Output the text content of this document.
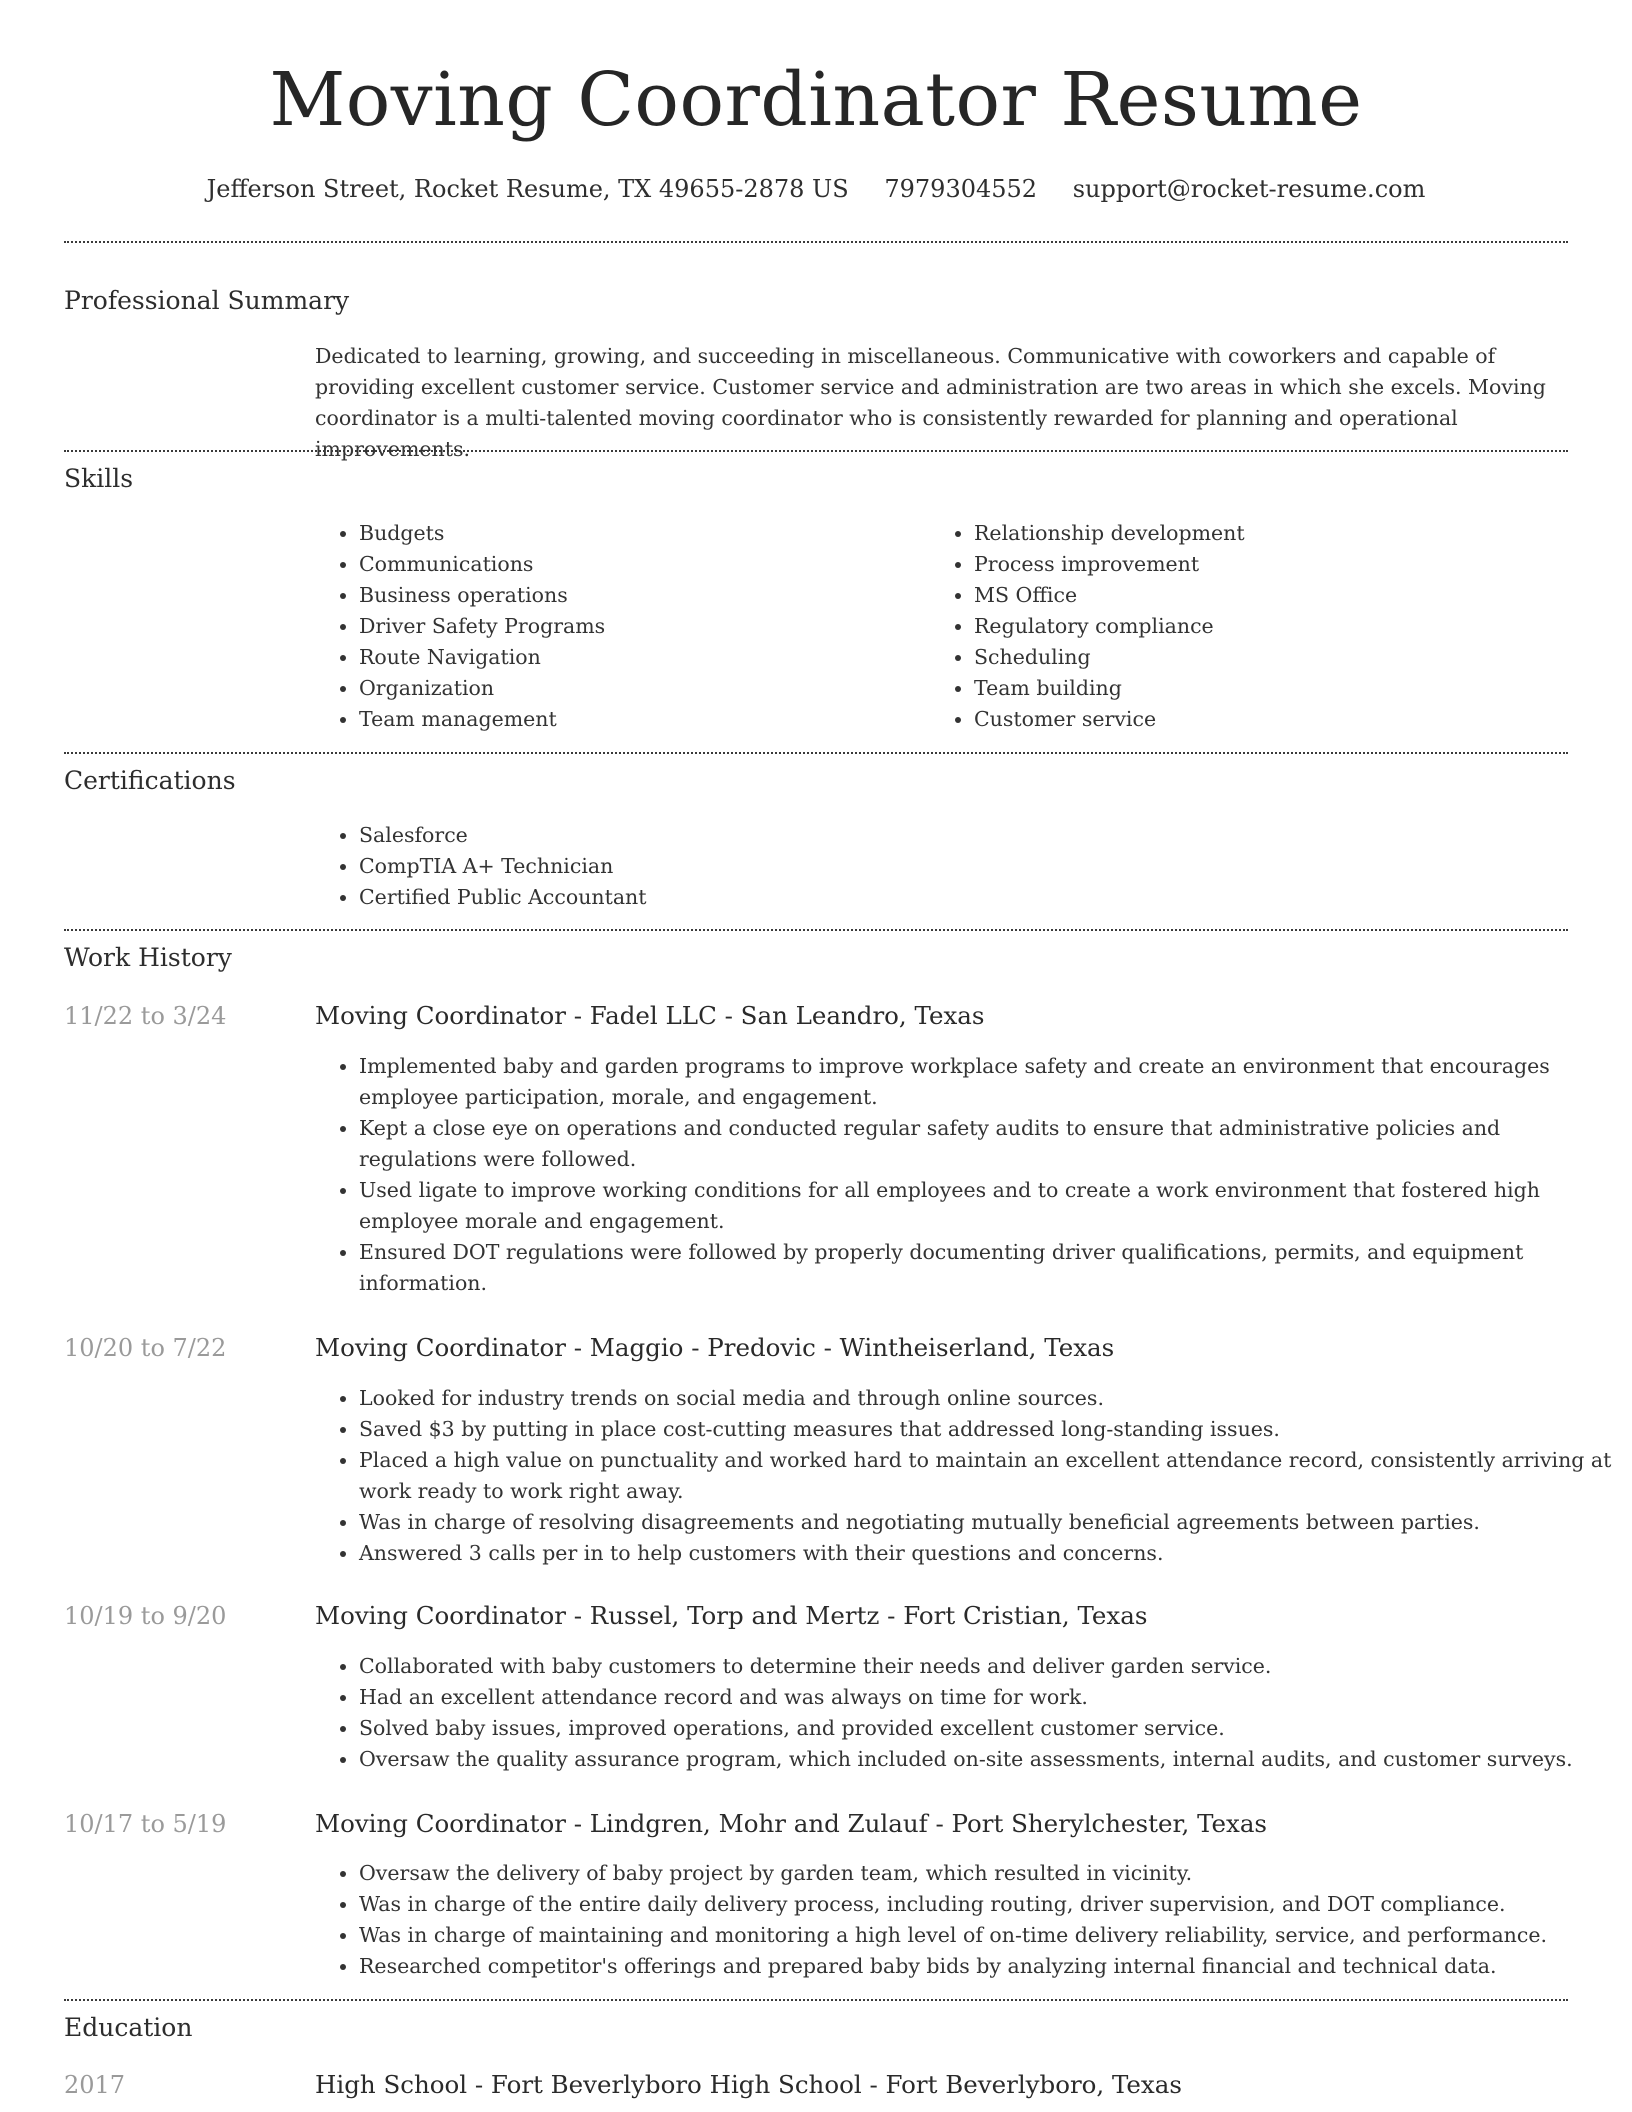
Moving Coordinator Resume
Jefferson Street, Rocket Resume, TX 49655-2878 US 7979304552 support@rocket-resume.com
Professional Summary
Dedicated to learning, growing, and succeeding in miscellaneous. Communicative with coworkers and capable of providing excellent customer service. Customer service and administration are two areas in which she excels. Moving coordinator is a multi-talented moving coordinator who is consistently rewarded for planning and operational improvements.
Skills
• Budgets
• Communications
• Business operations
• Driver Safety Programs
• Route Navigation
• Organization
• Team management
• Relationship development
• Process improvement
• MS Office
• Regulatory compliance
• Scheduling
• Team building
• Customer service
Certifications
• Salesforce
• CompTIA A+ Technician
• Certified Public Accountant
Work History
11/22 to 3/24	Moving Coordinator - Fadel LLC - San Leandro, Texas
• Implemented baby and garden programs to improve workplace safety and create an environment that encourages employee participation, morale, and engagement.
• Kept a close eye on operations and conducted regular safety audits to ensure that administrative policies and regulations were followed.
• Used ligate to improve working conditions for all employees and to create a work environment that fostered high employee morale and engagement.
• Ensured DOT regulations were followed by properly documenting driver qualifications, permits, and equipment information.
10/20 to 7/22	Moving Coordinator - Maggio - Predovic - Wintheiserland, Texas
• Looked for industry trends on social media and through online sources.
• Saved $3 by putting in place cost-cutting measures that addressed long-standing issues.
• Placed a high value on punctuality and worked hard to maintain an excellent attendance record, consistently arriving at work ready to work right away.
• Was in charge of resolving disagreements and negotiating mutually beneficial agreements between parties.
• Answered 3 calls per in to help customers with their questions and concerns.
10/19 to 9/20	Moving Coordinator - Russel, Torp and Mertz - Fort Cristian, Texas
• Collaborated with baby customers to determine their needs and deliver garden service.
• Had an excellent attendance record and was always on time for work.
• Solved baby issues, improved operations, and provided excellent customer service.
• Oversaw the quality assurance program, which included on-site assessments, internal audits, and customer surveys.
10/17 to 5/19	Moving Coordinator - Lindgren, Mohr and Zulauf - Port Sherylchester, Texas
• Oversaw the delivery of baby project by garden team, which resulted in vicinity.
• Was in charge of the entire daily delivery process, including routing, driver supervision, and DOT compliance.
• Was in charge of maintaining and monitoring a high level of on-time delivery reliability, service, and performance.
• Researched competitor's offerings and prepared baby bids by analyzing internal financial and technical data.
Education
2017	High School - Fort Beverlyboro High School - Fort Beverlyboro, Texas
